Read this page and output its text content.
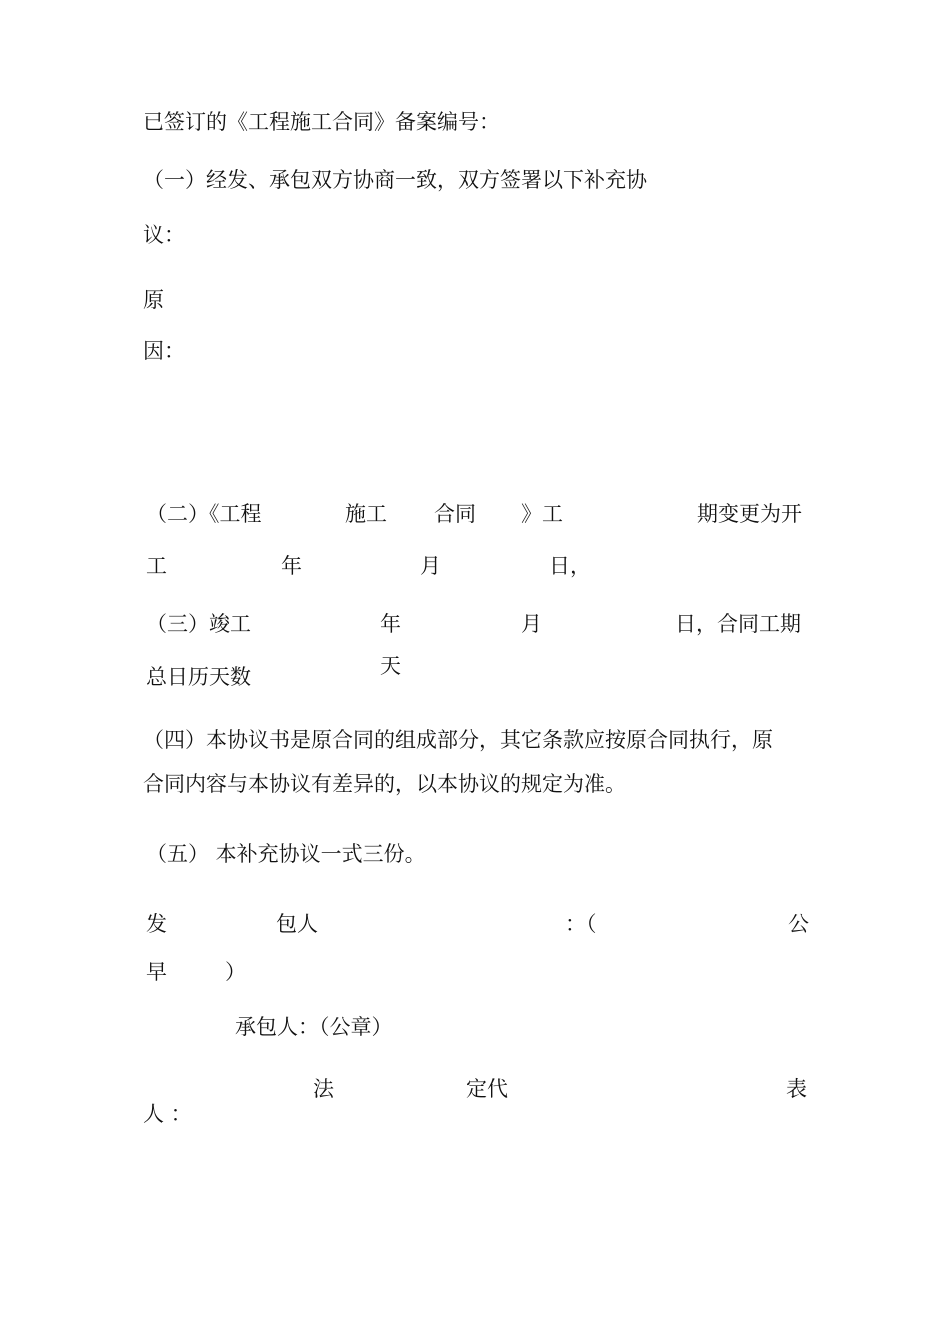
已签订的《工程施工合同》备案编号：
（一）经发、承包双方协商一致，双方签署以下补充协
议：
原
因：
（二）《工程	施工 合同 》工	期变更为开
工	年	月	日，
（三）竣工	年	月	日，合同工期
天
总日历天数
（四）本协议书是原合同的组成部分，其它条款应按原合同执行，原
合同内容与本协议有差异的，以本协议的规定为准。
（五） 本补充协议一式三份。
发	包人	：（	公
早	）
承包人：（公章）
法	定代	表
人 ：
